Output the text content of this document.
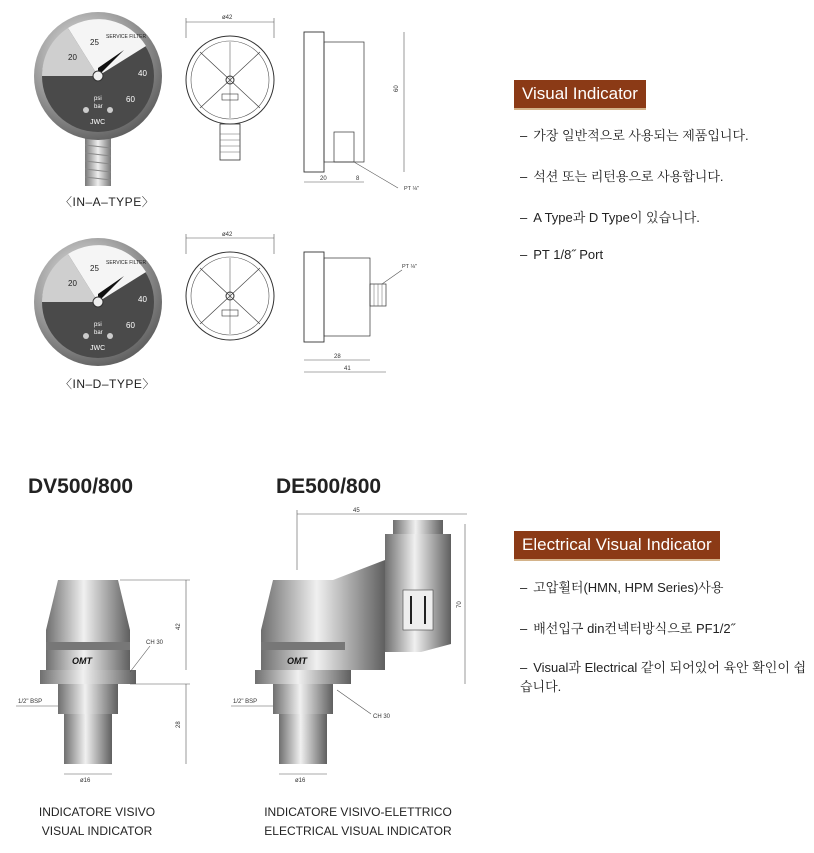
20
25
40
60
SERVICE FILTER
psi
bar
JWC
〈IN–A–TYPE〉
ø42
60
20	8
PT ⅛"
20
25
40
60
SERVICE FILTER
psi
bar
JWC
〈IN–D–TYPE〉
ø42
PT ⅛"
28
41
Visual Indicator
– 가장 일반적으로 사용되는 제품입니다.
– 석션 또는 리턴용으로 사용합니다.
– A Type과 D Type이 있습니다.
– PT 1/8˝ Port
DV500/800
OMT
42
28
CH 30
1/2" BSP
ø16
INDICATORE VISIVO
VISUAL INDICATOR
DE500/800
45
70
OMT
1/2" BSP
CH 30
ø16
INDICATORE VISIVO-ELETTRICO
ELECTRICAL VISUAL INDICATOR
Electrical Visual Indicator
– 고압휠터(HMN, HPM Series)사용
– 배선입구 din컨넥터방식으로 PF1/2˝
– Visual과 Electrical 같이 되어있어 육안 확인이 쉽습니다.
